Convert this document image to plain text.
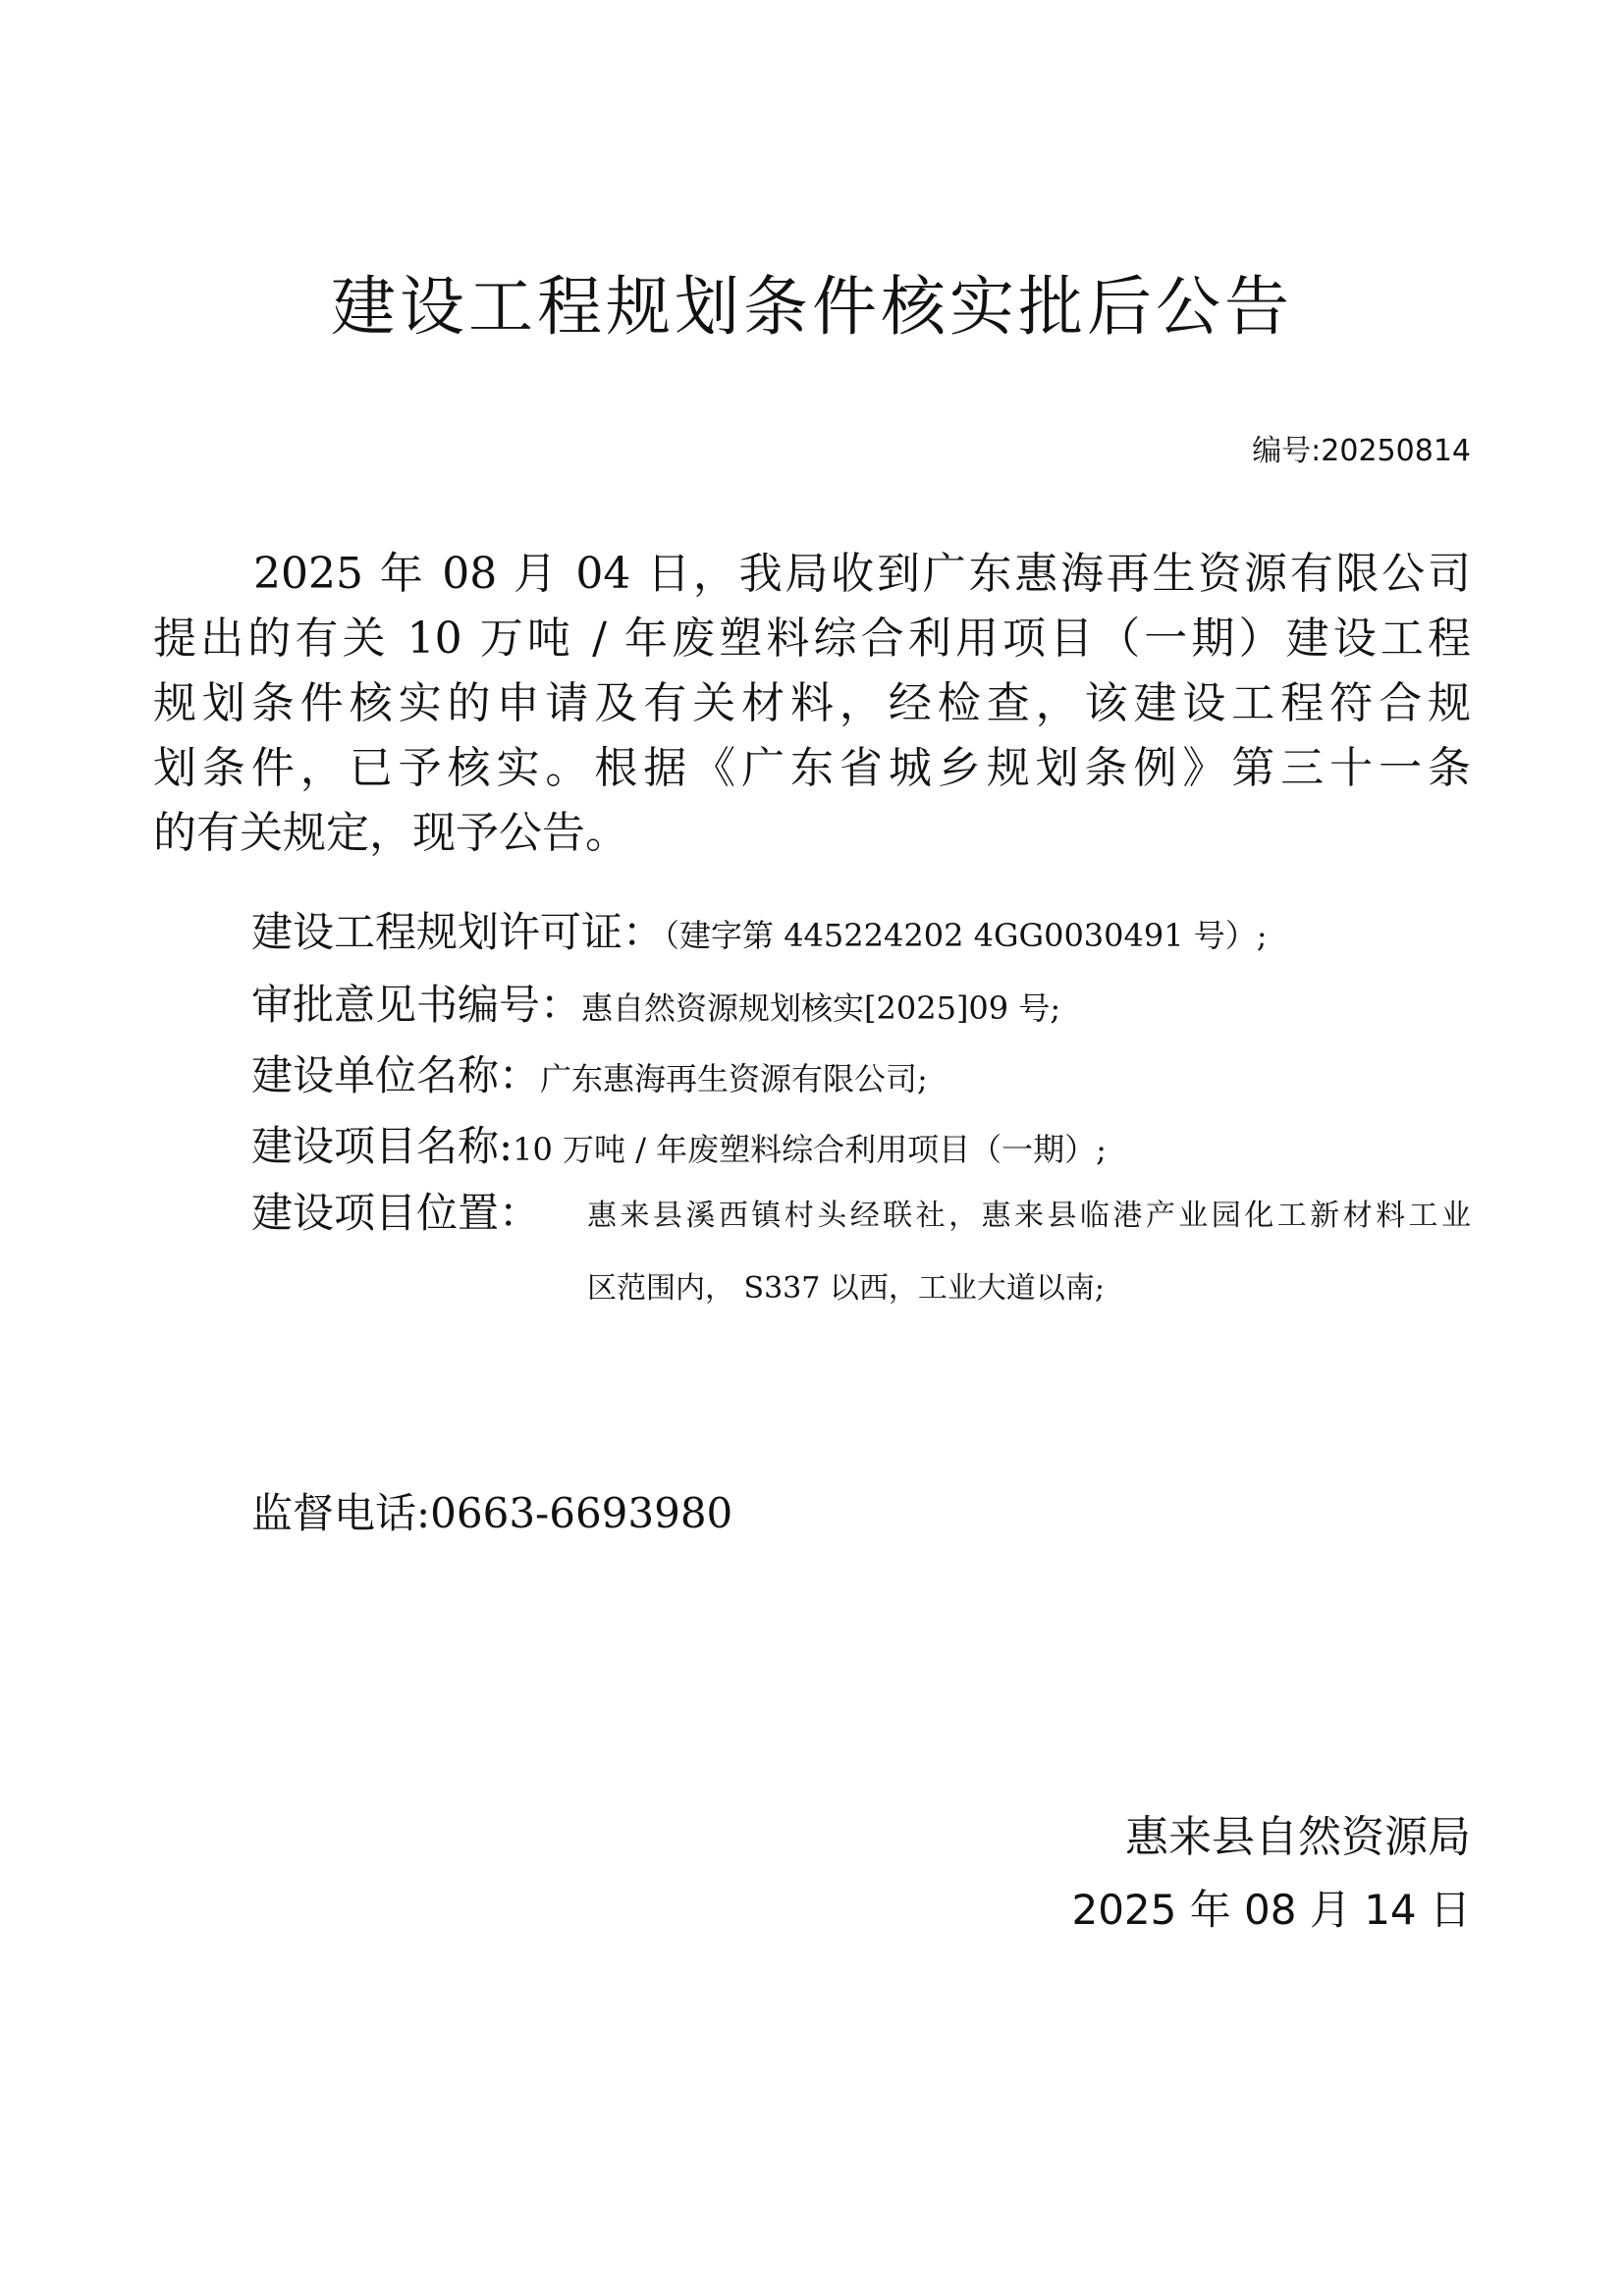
建设工程规划条件核实批后公告
编号:20250814
2025 年 08 月 04 日，我局收到广东惠海再生资源有限公司
提出的有关 10 万吨 / 年废塑料综合利用项目（一期）建设工程
规划条件核实的申请及有关材料，经检查，该建设工程符合规
划条件，已予核实。根据《广东省城乡规划条例》第三十一条
的有关规定，现予公告。
建设工程规划许可证：（建字第 445224202 4GG0030491 号）;
审批意见书编号：惠自然资源规划核实[2025]09 号;
建设单位名称：广东惠海再生资源有限公司;
建设项目名称:10 万吨 / 年废塑料综合利用项目（一期）;
建设项目位置： 惠来县溪西镇村头经联社，惠来县临港产业园化工新材料工业
区范围内， S337 以西，工业大道以南;
监督电话:0663-6693980
惠来县自然资源局
2025 年 08 月 14 日
